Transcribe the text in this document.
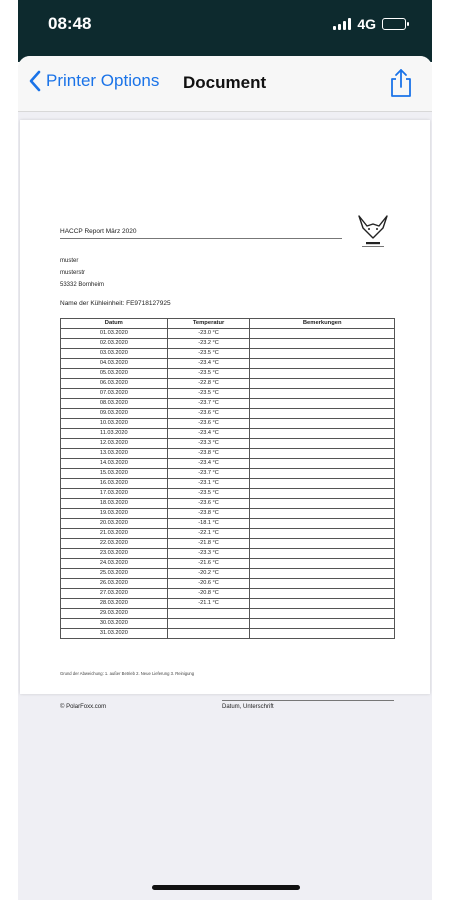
08:48	4G
Printer Options Document
HACCP Report März 2020
muster
musterstr
53332 Bornheim
Name der Kühleinheit: FE9718127925
Datum	Temperatur	Bemerkungen
01.03.2020	-23.0 °C	
02.03.2020	-23.2 °C	
03.03.2020	-23.5 °C	
04.03.2020	-23.4 °C	
05.03.2020	-23.5 °C	
06.03.2020	-22.8 °C	
07.03.2020	-23.5 °C	
08.03.2020	-23.7 °C	
09.03.2020	-23.6 °C	
10.03.2020	-23.6 °C	
11.03.2020	-23.4 °C	
12.03.2020	-23.3 °C	
13.03.2020	-23.8 °C	
14.03.2020	-23.4 °C	
15.03.2020	-23.7 °C	
16.03.2020	-23.1 °C	
17.03.2020	-23.5 °C	
18.03.2020	-23.6 °C	
19.03.2020	-23.8 °C	
20.03.2020	-18.1 °C	
21.03.2020	-22.1 °C	
22.03.2020	-21.8 °C	
23.03.2020	-23.3 °C	
24.03.2020	-21.6 °C	
25.03.2020	-20.2 °C	
26.03.2020	-20.6 °C	
27.03.2020	-20.8 °C	
28.03.2020	-21.1 °C	
29.03.2020		
30.03.2020		
31.03.2020		
Grund der Abweichung: 1. außer Betrieb 2. Neue Lieferung 3. Reinigung
© PolarFoxx.com	Datum, Unterschrift
